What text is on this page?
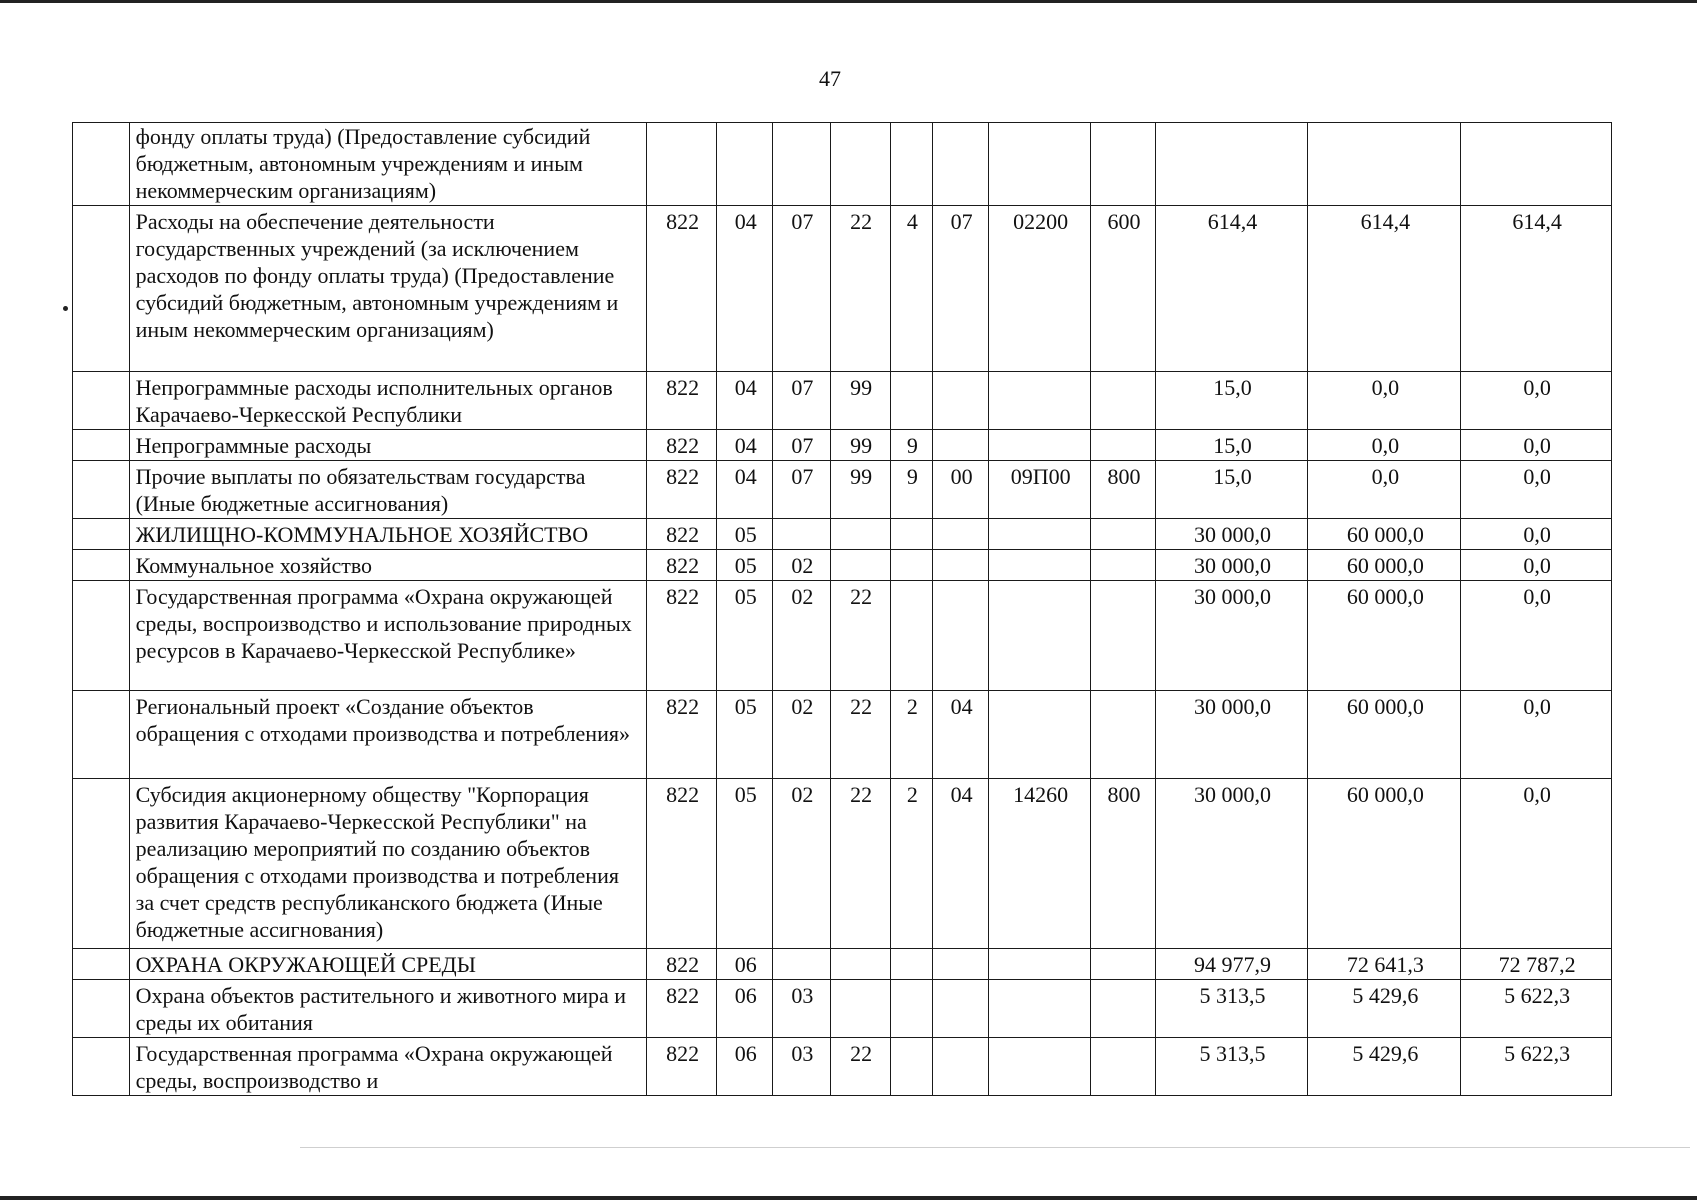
47
	фонду оплаты труда) (Предоставление субсидий бюджетным, автономным учреждениям и иным некоммерческим организациям)											
	Расходы на обеспечение деятельности государственных учреждений (за исключением расходов по фонду оплаты труда) (Предоставление субсидий бюджетным, автономным учреждениям и иным некоммерческим организациям)	822	04	07	22	4	07	02200	600	614,4	614,4	614,4
	Непрограммные расходы исполнительных органов Карачаево-Черкесской Республики	822	04	07	99					15,0	0,0	0,0
	Непрограммные расходы	822	04	07	99	9				15,0	0,0	0,0
	Прочие выплаты по обязательствам государства (Иные бюджетные ассигнования)	822	04	07	99	9	00	09П00	800	15,0	0,0	0,0
	ЖИЛИЩНО-КОММУНАЛЬНОЕ ХОЗЯЙСТВО	822	05							30 000,0	60 000,0	0,0
	Коммунальное хозяйство	822	05	02						30 000,0	60 000,0	0,0
	Государственная программа «Охрана окружающей среды, воспроизводство и использование природных ресурсов в Карачаево-Черкесской Республике»	822	05	02	22					30 000,0	60 000,0	0,0
	Региональный проект «Создание объектов обращения с отходами производства и потребления»	822	05	02	22	2	04			30 000,0	60 000,0	0,0
	Субсидия акционерному обществу "Корпорация развития Карачаево-Черкесской Республики" на реализацию мероприятий по созданию объектов обращения с отходами производства и потребления за счет средств республиканского бюджета (Иные бюджетные ассигнования)	822	05	02	22	2	04	14260	800	30 000,0	60 000,0	0,0
	ОХРАНА ОКРУЖАЮЩЕЙ СРЕДЫ	822	06							94 977,9	72 641,3	72 787,2
	Охрана объектов растительного и животного мира и среды их обитания	822	06	03						5 313,5	5 429,6	5 622,3
	Государственная программа «Охрана окружающей среды, воспроизводство и	822	06	03	22					5 313,5	5 429,6	5 622,3
